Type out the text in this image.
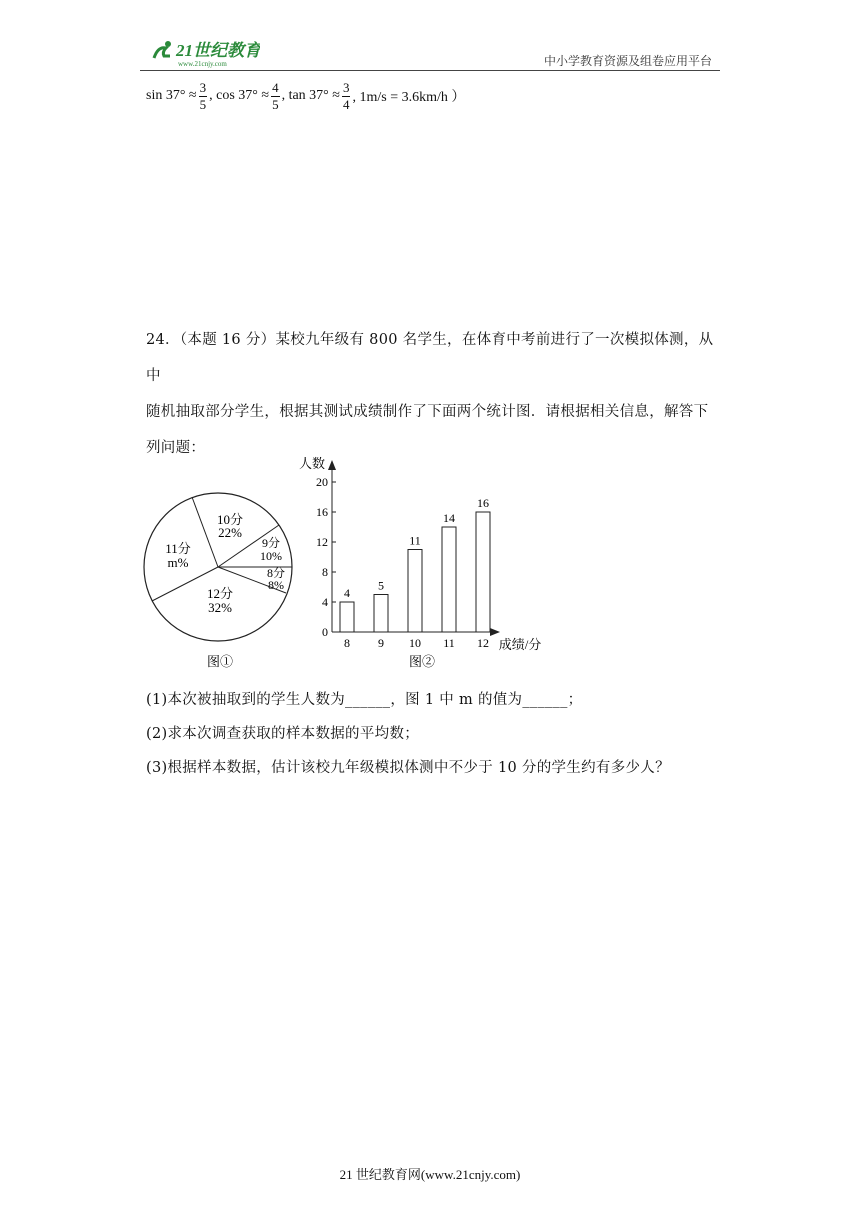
21世纪教育
www.21cnjy.com	中小学教育资源及组卷应用平台
$\sin 37^\circ \approx \frac{3}{5}$ , $\cos 37^\circ \approx \frac{4}{5}$ , $\tan 37^\circ \approx \frac{3}{4}$ , 1m/s = 3.6km/h ）
24．（本题 16 分）某校九年级有 800 名学生，在体育中考前进行了一次模拟体测，从中
随机抽取部分学生，根据其测试成绩制作了下面两个统计图．请根据相关信息，解答下
列问题：
10分
22%
9分
10%
8分
8%
12分
32%
11分
m%
图①
人数
成绩/分
图②
0
4
8
12
16
20
4
8
5
9
11
10
14
11
16
12
(1)本次被抽取到的学生人数为______，图 1 中 m 的值为______；
(2)求本次调查获取的样本数据的平均数；
(3)根据样本数据，估计该校九年级模拟体测中不少于 10 分的学生约有多少人？
21 世纪教育网(www.21cnjy.com)
